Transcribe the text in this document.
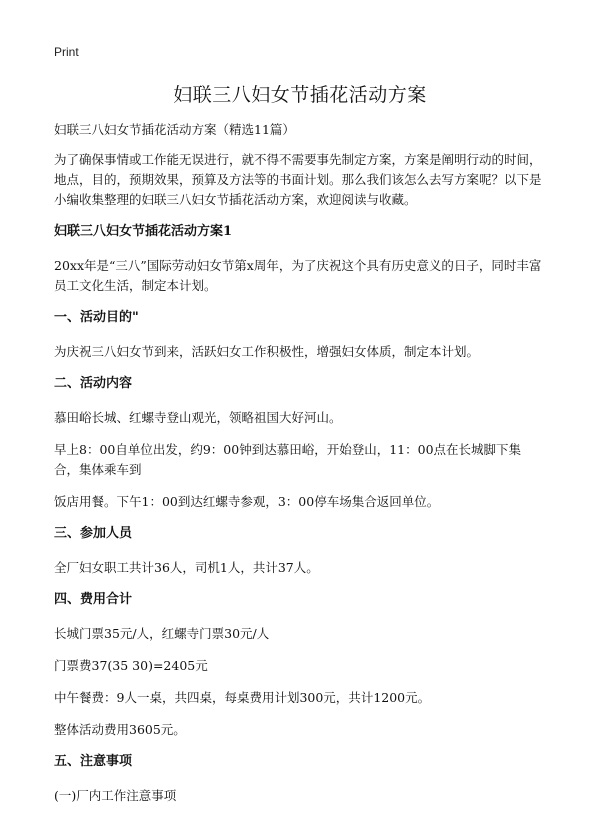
Print
妇联三八妇女节插花活动方案

妇联三八妇女节插花活动方案（精选11篇）

为了确保事情或工作能无误进行，就不得不需要事先制定方案，方案是阐明行动的时间，地点，目的，预期效果，预算及方法等的书面计划。那么我们该怎么去写方案呢？以下是小编收集整理的妇联三八妇女节插花活动方案，欢迎阅读与收藏。

妇联三八妇女节插花活动方案1

20xx年是“三八”国际劳动妇女节第x周年，为了庆祝这个具有历史意义的日子，同时丰富员工文化生活，制定本计划。

一、活动目的"

为庆祝三八妇女节到来，活跃妇女工作积极性，增强妇女体质，制定本计划。

二、活动内容

慕田峪长城、红螺寺登山观光，领略祖国大好河山。

早上8：00自单位出发，约9：00钟到达慕田峪，开始登山，11：00点在长城脚下集合，集体乘车到

饭店用餐。下午1：00到达红螺寺参观，3：00停车场集合返回单位。

三、参加人员

全厂妇女职工共计36人，司机1人，共计37人。

四、费用合计

长城门票35元/人，红螺寺门票30元/人

门票费37(35 30)=2405元

中午餐费：9人一桌，共四桌，每桌费用计划300元，共计1200元。

整体活动费用3605元。

五、注意事项

(一)厂内工作注意事项
